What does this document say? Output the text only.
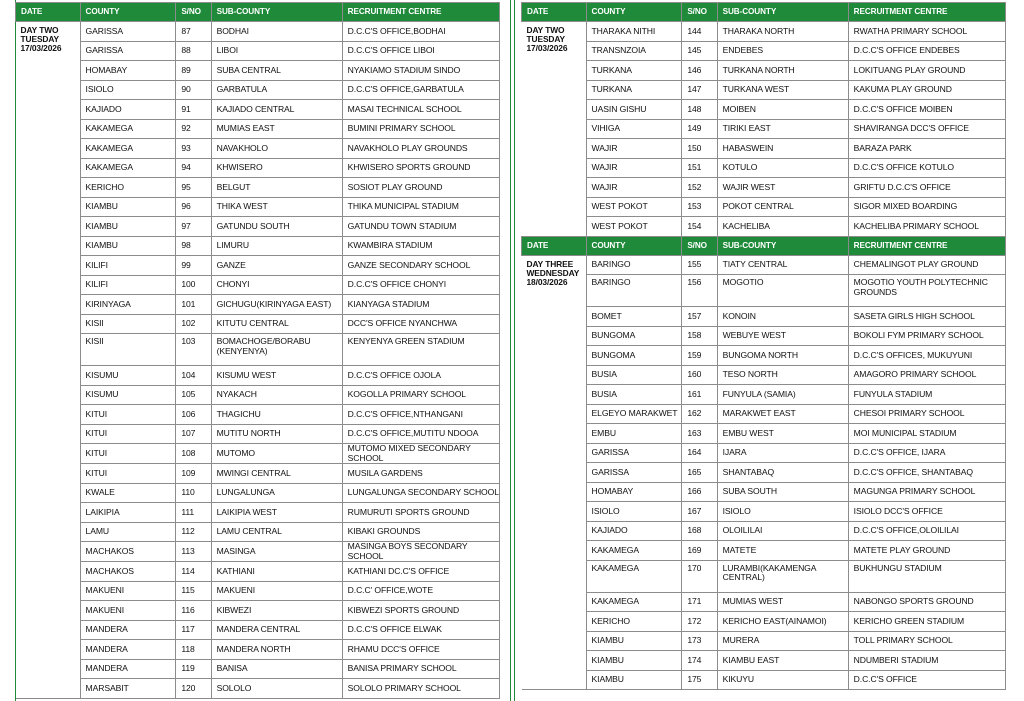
DATE	COUNTY	S/NO	SUB-COUNTY	RECRUITMENT CENTRE

DAY TWO
TUESDAY
17/03/2026	GARISSA	87	BODHAI	D.C.C'S OFFICE,BODHAI
	GARISSA	88	LIBOI	D.C.C'S OFFICE LIBOI
	HOMABAY	89	SUBA CENTRAL	NYAKIAMO STADIUM SINDO
	ISIOLO	90	GARBATULA	D.C.C'S OFFICE,GARBATULA
	KAJIADO	91	KAJIADO CENTRAL	MASAI TECHNICAL SCHOOL
	KAKAMEGA	92	MUMIAS EAST	BUMINI PRIMARY SCHOOL
	KAKAMEGA	93	NAVAKHOLO	NAVAKHOLO PLAY GROUNDS
	KAKAMEGA	94	KHWISERO	KHWISERO SPORTS GROUND
	KERICHO	95	BELGUT	SOSIOT PLAY GROUND
	KIAMBU	96	THIKA WEST	THIKA MUNICIPAL STADIUM
	KIAMBU	97	GATUNDU SOUTH	GATUNDU TOWN STADIUM
	KIAMBU	98	LIMURU	KWAMBIRA STADIUM
	KILIFI	99	GANZE	GANZE SECONDARY SCHOOL
	KILIFI	100	CHONYI	D.C.C'S OFFICE CHONYI
	KIRINYAGA	101	GICHUGU(KIRINYAGA EAST)	KIANYAGA STADIUM
	KISII	102	KITUTU CENTRAL	DCC'S OFFICE NYANCHWA
	KISII	103	BOMACHOGE/BORABU (KENYENYA)	KENYENYA GREEN STADIUM
	KISUMU	104	KISUMU WEST	D.C.C'S OFFICE OJOLA
	KISUMU	105	NYAKACH	KOGOLLA PRIMARY SCHOOL
	KITUI	106	THAGICHU	D.C.C'S OFFICE,NTHANGANI
	KITUI	107	MUTITU NORTH	D.C.C'S OFFICE,MUTITU NDOOA
	KITUI	108	MUTOMO	MUTOMO MIXED SECONDARY SCHOOL
	KITUI	109	MWINGI CENTRAL	MUSILA GARDENS
	KWALE	110	LUNGALUNGA	LUNGALUNGA SECONDARY SCHOOL
	LAIKIPIA	111	LAIKIPIA WEST	RUMURUTI SPORTS GROUND
	LAMU	112	LAMU CENTRAL	KIBAKI GROUNDS
	MACHAKOS	113	MASINGA	MASINGA BOYS SECONDARY SCHOOL
	MACHAKOS	114	KATHIANI	KATHIANI DC.C'S OFFICE
	MAKUENI	115	MAKUENI	D.C.C' OFFICE,WOTE
	MAKUENI	116	KIBWEZI	KIBWEZI SPORTS GROUND
	MANDERA	117	MANDERA CENTRAL	D.C.C'S OFFICE ELWAK
	MANDERA	118	MANDERA NORTH	RHAMU DCC'S OFFICE
	MANDERA	119	BANISA	BANISA PRIMARY SCHOOL
	MARSABIT	120	SOLOLO	SOLOLO PRIMARY SCHOOL
DATE	COUNTY	S/NO	SUB-COUNTY	RECRUITMENT CENTRE

DAY TWO
TUESDAY
17/03/2026	THARAKA NITHI	144	THARAKA NORTH	RWATHA PRIMARY SCHOOL
	TRANSNZOIA	145	ENDEBES	D.C.C'S OFFICE ENDEBES
	TURKANA	146	TURKANA NORTH	LOKITUANG PLAY GROUND
	TURKANA	147	TURKANA WEST	KAKUMA PLAY GROUND
	UASIN GISHU	148	MOIBEN	D.C.C'S OFFICE MOIBEN
	VIHIGA	149	TIRIKI EAST	SHAVIRANGA DCC'S OFFICE
	WAJIR	150	HABASWEIN	BARAZA PARK
	WAJIR	151	KOTULO	D.C.C'S OFFICE KOTULO
	WAJIR	152	WAJIR WEST	GRIFTU D.C.C'S OFFICE
	WEST POKOT	153	POKOT CENTRAL	SIGOR MIXED BOARDING
	WEST POKOT	154	KACHELIBA	KACHELIBA PRIMARY SCHOOL
DATE	COUNTY	S/NO	SUB-COUNTY	RECRUITMENT CENTRE

DAY THREE
WEDNESDAY
18/03/2026	BARINGO	155	TIATY CENTRAL	CHEMALINGOT PLAY GROUND
	BARINGO	156	MOGOTIO	MOGOTIO YOUTH POLYTECHNIC GROUNDS
	BOMET	157	KONOIN	SASETA GIRLS HIGH SCHOOL
	BUNGOMA	158	WEBUYE WEST	BOKOLI FYM PRIMARY SCHOOL
	BUNGOMA	159	BUNGOMA NORTH	D.C.C'S OFFICES, MUKUYUNI
	BUSIA	160	TESO NORTH	AMAGORO PRIMARY SCHOOL
	BUSIA	161	FUNYULA (SAMIA)	FUNYULA STADIUM
	ELGEYO MARAKWET	162	MARAKWET EAST	CHESOI PRIMARY SCHOOL
	EMBU	163	EMBU WEST	MOI MUNICIPAL STADIUM
	GARISSA	164	IJARA	D.C.C'S OFFICE, IJARA
	GARISSA	165	SHANTABAQ	D.C.C'S OFFICE, SHANTABAQ
	HOMABAY	166	SUBA SOUTH	MAGUNGA PRIMARY SCHOOL
	ISIOLO	167	ISIOLO	ISIOLO DCC'S OFFICE
	KAJIADO	168	OLOILILAI	D.C.C'S OFFICE,OLOILILAI
	KAKAMEGA	169	MATETE	MATETE PLAY GROUND
	KAKAMEGA	170	LURAMBI(KAKAMENGA CENTRAL)	BUKHUNGU STADIUM
	KAKAMEGA	171	MUMIAS WEST	NABONGO SPORTS GROUND
	KERICHO	172	KERICHO EAST(AINAMOI)	KERICHO GREEN STADIUM
	KIAMBU	173	MURERA	TOLL PRIMARY SCHOOL
	KIAMBU	174	KIAMBU EAST	NDUMBERI STADIUM
	KIAMBU	175	KIKUYU	D.C.C'S OFFICE
